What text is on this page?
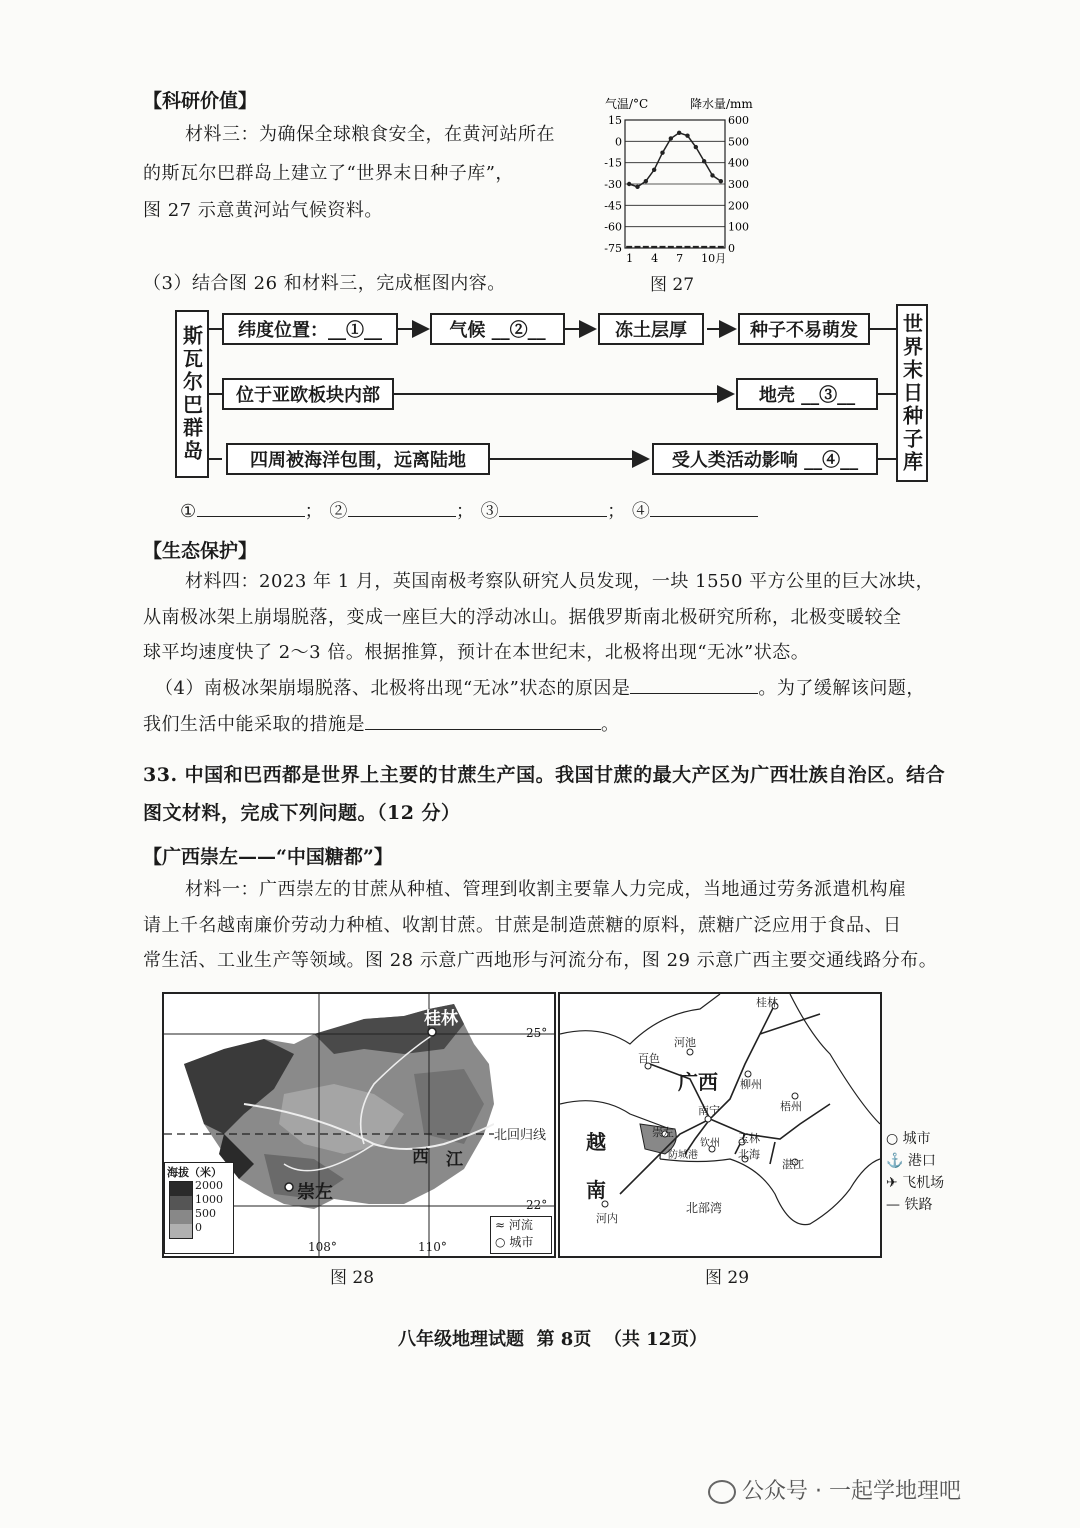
【科研价值】
材料三：为确保全球粮食安全，在黄河站所在
的斯瓦尔巴群岛上建立了“世界末日种子库”，
图 27 示意黄河站气候资料。
气温/°C	降水量/mm
15	600
0	500
-15	400
-30	300
-45	200
-60	100
-75	0
1 4 7 10月
图 27
（3）结合图 26 和材料三，完成框图内容。
斯瓦尔巴群岛	世界末日种子库
纬度位置：__①__	气候 __②__	冻土层厚	种子不易萌发
位于亚欧板块内部	地壳 __③__
四周被海洋包围，远离陆地	受人类活动影响 __④__
①	； ②	； ③	； ④
【生态保护】
材料四：2023 年 1 月，英国南极考察队研究人员发现，一块 1550 平方公里的巨大冰块，
从南极冰架上崩塌脱落，变成一座巨大的浮动冰山。据俄罗斯南北极研究所称，北极变暖较全
球平均速度快了 2～3 倍。根据推算，预计在本世纪末，北极将出现“无冰”状态。
（4）南极冰架崩塌脱落、北极将出现“无冰”状态的原因是	。为了缓解该问题，
我们生活中能采取的措施是	。
33. 中国和巴西都是世界上主要的甘蔗生产国。我国甘蔗的最大产区为广西壮族自治区。结合
图文材料，完成下列问题。（12 分）
【广西崇左——“中国糖都”】
材料一：广西崇左的甘蔗从种植、管理到收割主要靠人力完成，当地通过劳务派遣机构雇
请上千名越南廉价劳动力种植、收割甘蔗。甘蔗是制造蔗糖的原料，蔗糖广泛应用于食品、日
常生活、工业生产等领域。图 28 示意广西地形与河流分布，图 29 示意广西主要交通线路分布。
桂林
西 江
崇左
北回归线
25°
22°
108°	110°
海拔（米）
2000
1000
500
0	≈ 河流
○ 城市
图 28
桂林
河池
百色
广西 柳州
梧州
南宁
崇左	玉林
钦州
防城港	北海
湛江
越
南
河内
北部湾
○ 城市
⚓ 港口
✈ 飞机场
— 铁路
图 29
八年级地理试题  第 8页  （共 12页）
公众号 · 一起学地理吧
